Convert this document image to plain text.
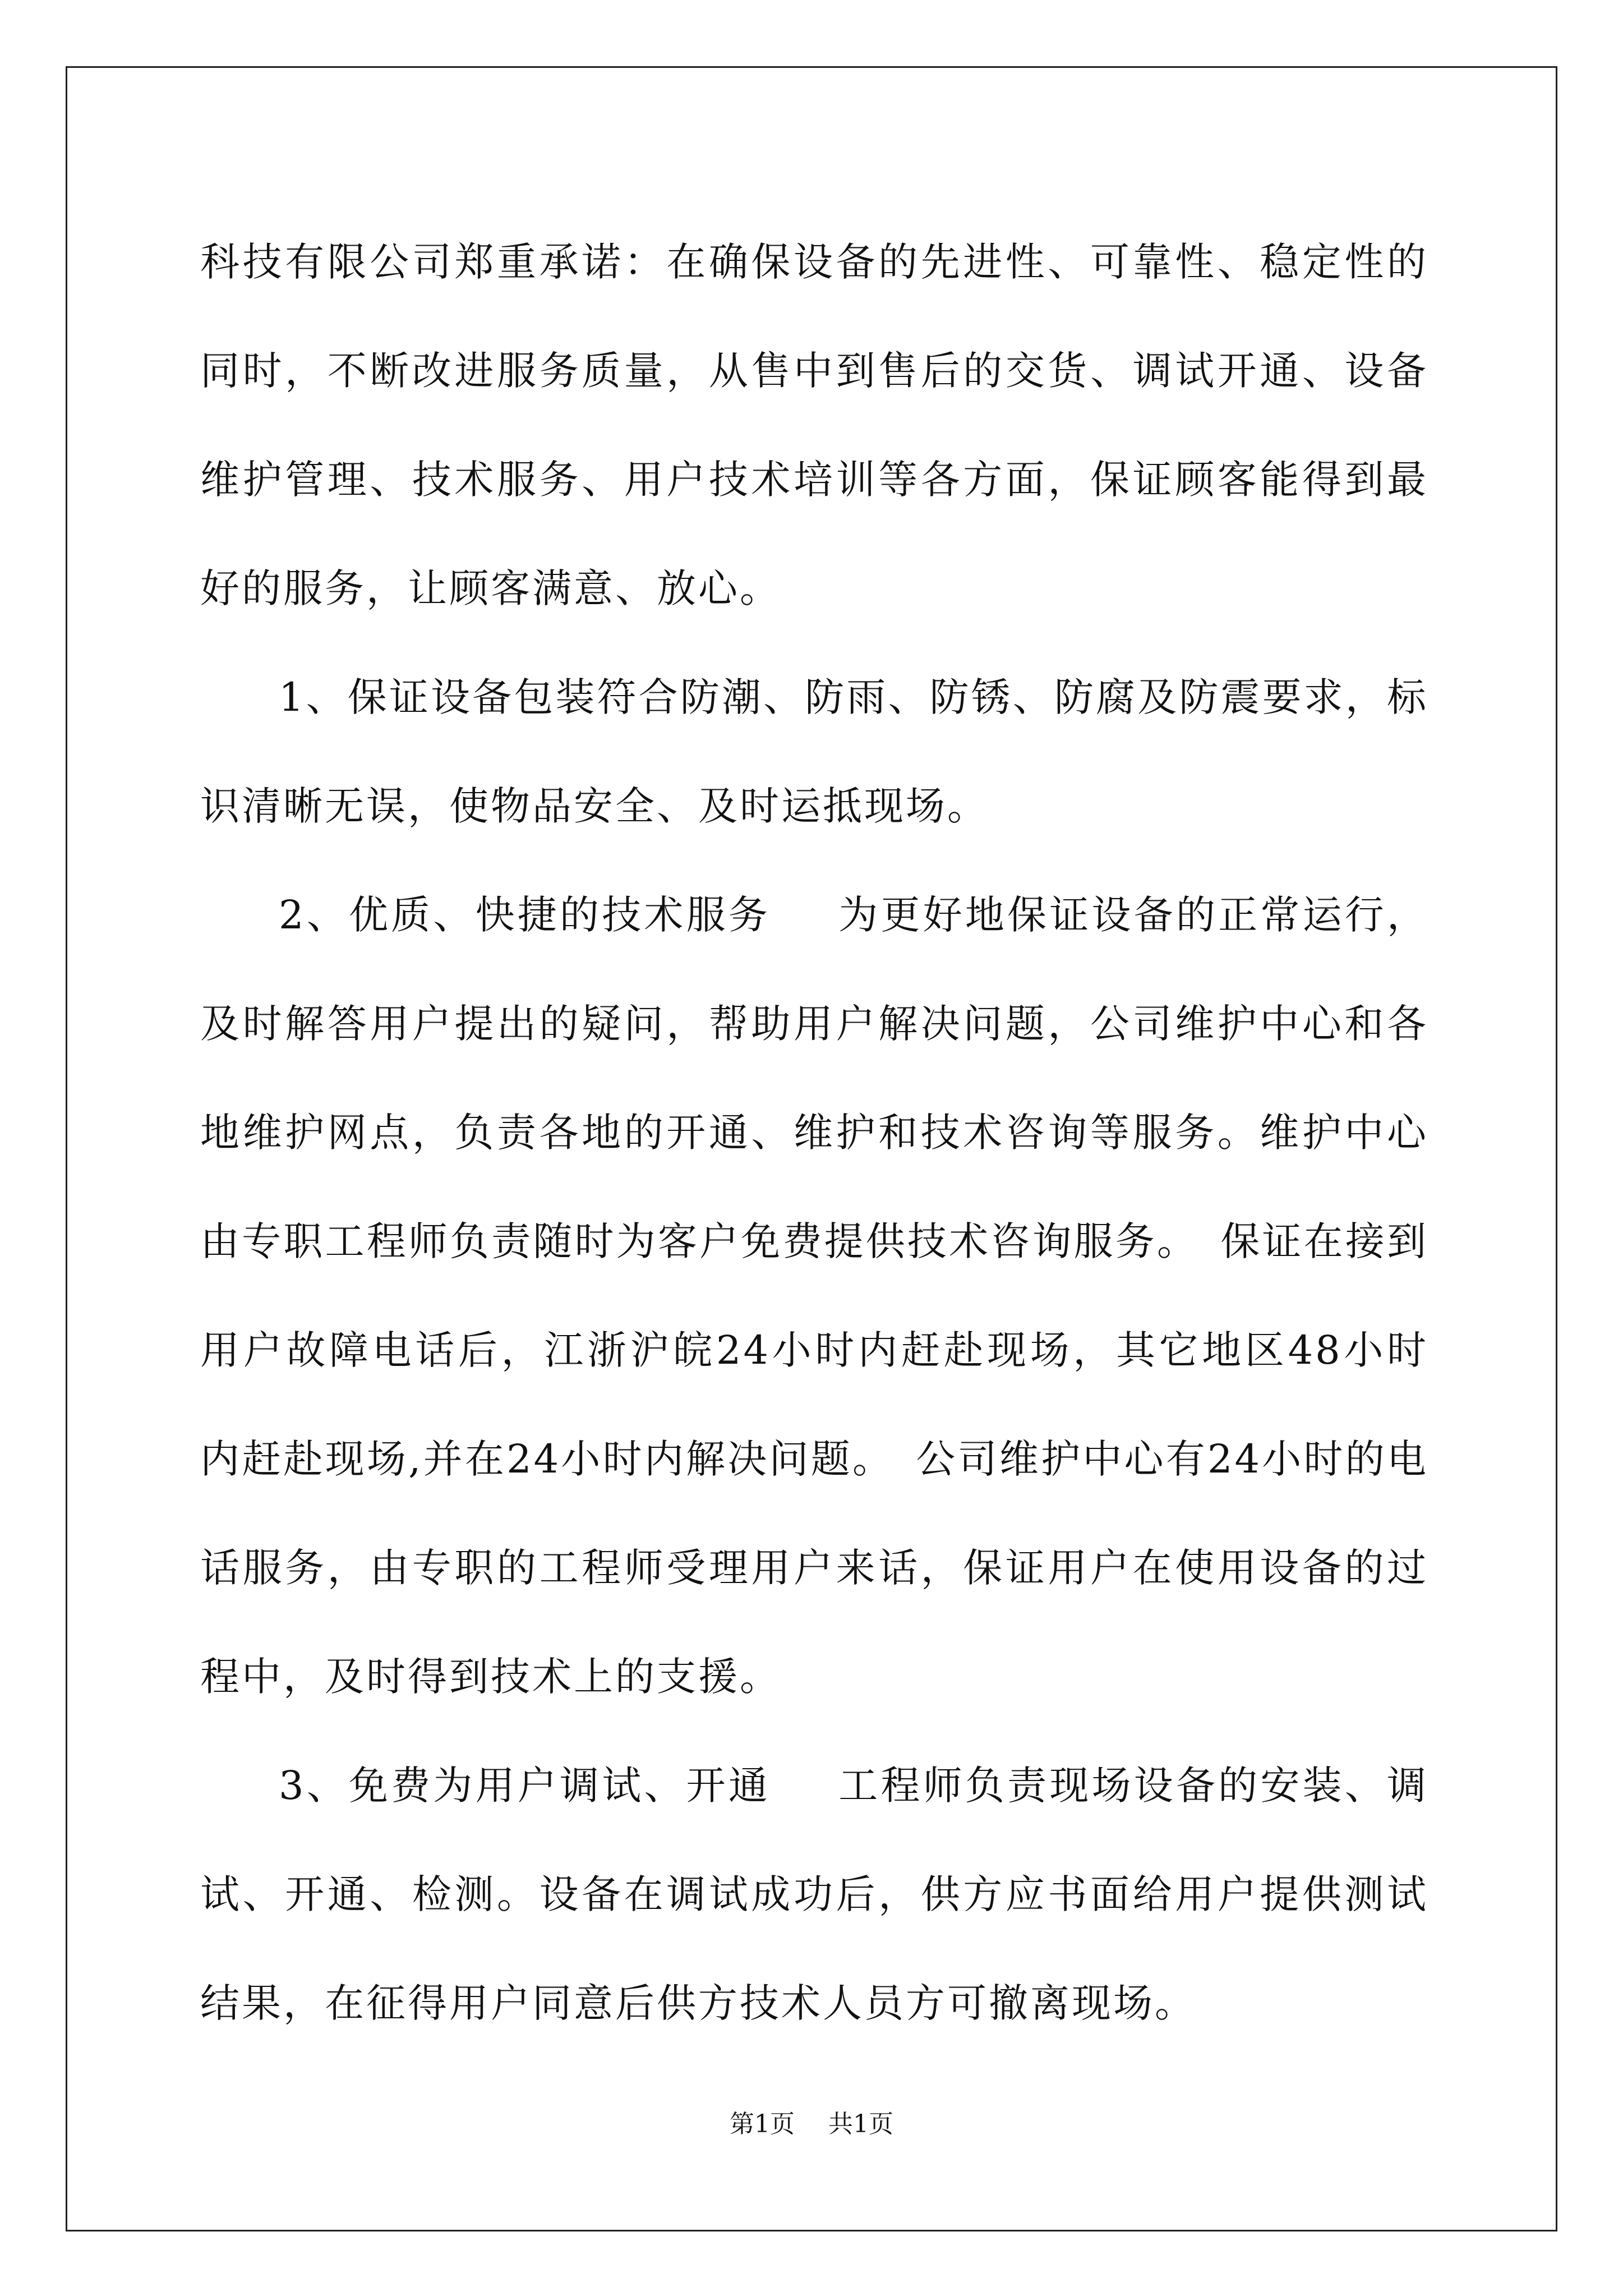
科技有限公司郑重承诺：在确保设备的先进性、可靠性、稳定性的同时，不断改进服务质量，从售中到售后的交货、调试开通、设备维护管理、技术服务、用户技术培训等各方面，保证顾客能得到最好的服务，让顾客满意、放心。

1、保证设备包装符合防潮、防雨、防锈、防腐及防震要求，标识清晰无误，使物品安全、及时运抵现场。

2、优质、快捷的技术服务 为更好地保证设备的正常运行，及时解答用户提出的疑问，帮助用户解决问题，公司维护中心和各地维护网点，负责各地的开通、维护和技术咨询等服务。维护中心由专职工程师负责随时为客户免费提供技术咨询服务。　保证在接到用户故障电话后，江浙沪皖24小时内赶赴现场，其它地区48小时内赶赴现场,并在24小时内解决问题。　公司维护中心有24小时的电话服务，由专职的工程师受理用户来话，保证用户在使用设备的过程中，及时得到技术上的支援。

3、免费为用户调试、开通 工程师负责现场设备的安装、调试、开通、检测。设备在调试成功后，供方应书面给用户提供测试结果，在征得用户同意后供方技术人员方可撤离现场。

第1页 共1页
